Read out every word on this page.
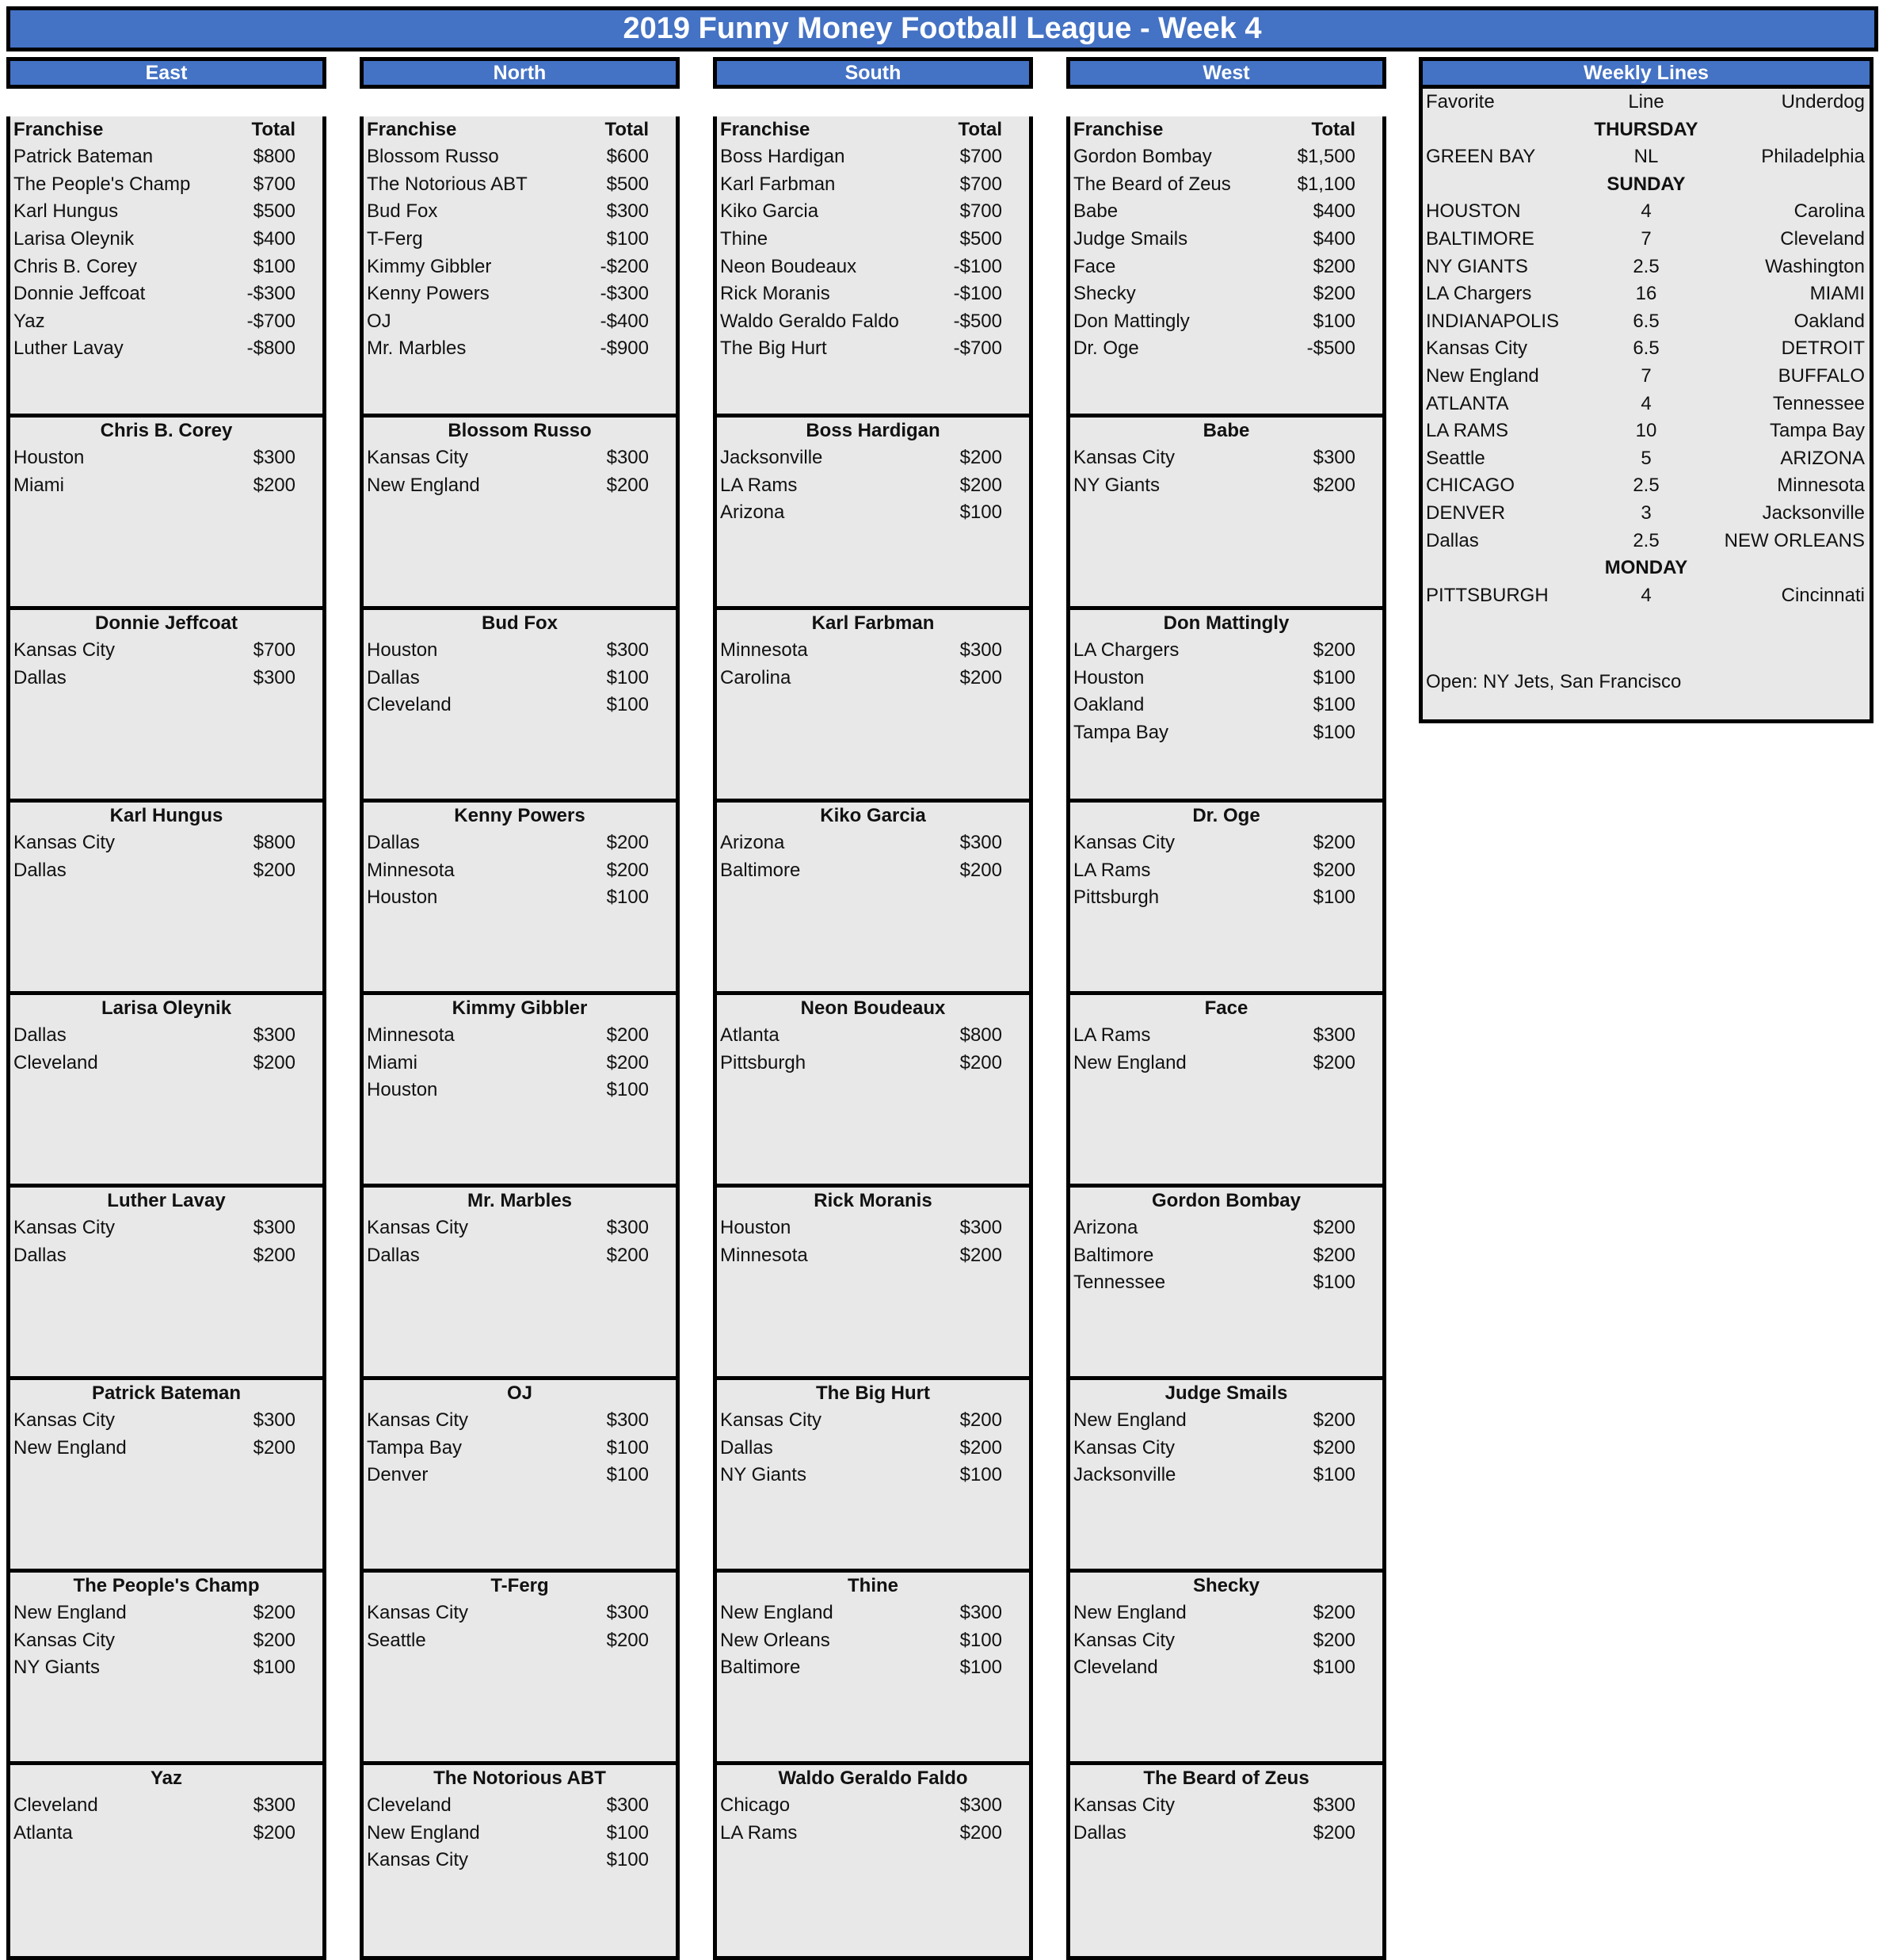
2019 Funny Money Football League - Week 4
East
Franchise	Total
Patrick Bateman	$800
The People's Champ	$700
Karl Hungus	$500
Larisa Oleynik	$400
Chris B. Corey	$100
Donnie Jeffcoat	-$300
Yaz	-$700
Luther Lavay	-$800
Chris B. Corey
Houston	$300
Miami	$200
Donnie Jeffcoat
Kansas City	$700
Dallas	$300
Karl Hungus
Kansas City	$800
Dallas	$200
Larisa Oleynik
Dallas	$300
Cleveland	$200
Luther Lavay
Kansas City	$300
Dallas	$200
Patrick Bateman
Kansas City	$300
New England	$200
The People's Champ
New England	$200
Kansas City	$200
NY Giants	$100
Yaz
Cleveland	$300
Atlanta	$200
North
Franchise	Total
Blossom Russo	$600
The Notorious ABT	$500
Bud Fox	$300
T-Ferg	$100
Kimmy Gibbler	-$200
Kenny Powers	-$300
OJ	-$400
Mr. Marbles	-$900
Blossom Russo
Kansas City	$300
New England	$200
Bud Fox
Houston	$300
Dallas	$100
Cleveland	$100
Kenny Powers
Dallas	$200
Minnesota	$200
Houston	$100
Kimmy Gibbler
Minnesota	$200
Miami	$200
Houston	$100
Mr. Marbles
Kansas City	$300
Dallas	$200
OJ
Kansas City	$300
Tampa Bay	$100
Denver	$100
T-Ferg
Kansas City	$300
Seattle	$200
The Notorious ABT
Cleveland	$300
New England	$100
Kansas City	$100
South
Franchise	Total
Boss Hardigan	$700
Karl Farbman	$700
Kiko Garcia	$700
Thine	$500
Neon Boudeaux	-$100
Rick Moranis	-$100
Waldo Geraldo Faldo	-$500
The Big Hurt	-$700
Boss Hardigan
Jacksonville	$200
LA Rams	$200
Arizona	$100
Karl Farbman
Minnesota	$300
Carolina	$200
Kiko Garcia
Arizona	$300
Baltimore	$200
Neon Boudeaux
Atlanta	$800
Pittsburgh	$200
Rick Moranis
Houston	$300
Minnesota	$200
The Big Hurt
Kansas City	$200
Dallas	$200
NY Giants	$100
Thine
New England	$300
New Orleans	$100
Baltimore	$100
Waldo Geraldo Faldo
Chicago	$300
LA Rams	$200
West
Franchise	Total
Gordon Bombay	$1,500
The Beard of Zeus	$1,100
Babe	$400
Judge Smails	$400
Face	$200
Shecky	$200
Don Mattingly	$100
Dr. Oge	-$500
Babe
Kansas City	$300
NY Giants	$200
Don Mattingly
LA Chargers	$200
Houston	$100
Oakland	$100
Tampa Bay	$100
Dr. Oge
Kansas City	$200
LA Rams	$200
Pittsburgh	$100
Face
LA Rams	$300
New England	$200
Gordon Bombay
Arizona	$200
Baltimore	$200
Tennessee	$100
Judge Smails
New England	$200
Kansas City	$200
Jacksonville	$100
Shecky
New England	$200
Kansas City	$200
Cleveland	$100
The Beard of Zeus
Kansas City	$300
Dallas	$200
Weekly Lines
Favorite	Line	Underdog
THURSDAY
GREEN BAY	NL	Philadelphia
SUNDAY
HOUSTON	4	Carolina
BALTIMORE	7	Cleveland
NY GIANTS	2.5	Washington
LA Chargers	16	MIAMI
INDIANAPOLIS	6.5	Oakland
Kansas City	6.5	DETROIT
New England	7	BUFFALO
ATLANTA	4	Tennessee
LA RAMS	10	Tampa Bay
Seattle	5	ARIZONA
CHICAGO	2.5	Minnesota
DENVER	3	Jacksonville
Dallas	2.5	NEW ORLEANS
MONDAY
PITTSBURGH	4	Cincinnati
Open: NY Jets, San Francisco
